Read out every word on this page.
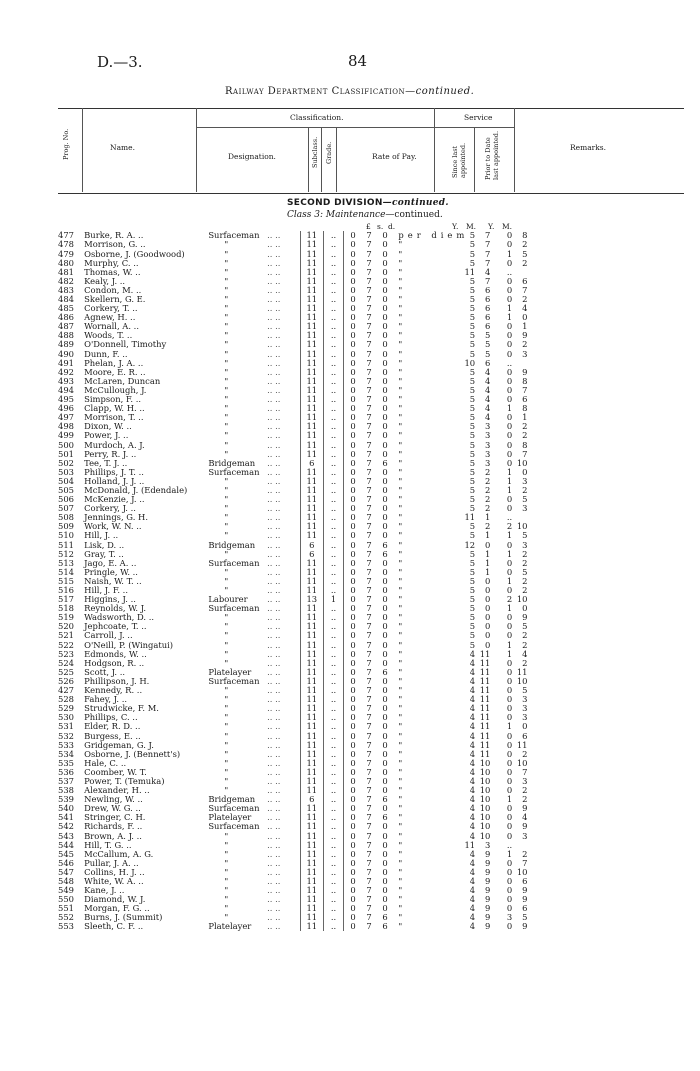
D.—3.	84
Railway Department Classification—continued.
Prog. No.	Name.
Classification.
Designation.	Subclass. Grade.	Rate of Pay.
Service
Since last appointed.	Prior to Date last appointed.	Remarks.
SECOND DIVISION—continued.
Class 3: Maintenance—continued.
£ s. d.	Y. M. Y. M.
477	Burke, R. A. ..	Surfaceman	.. ..	11	..	0 7 0 per diem	5	7	0	8
478	Morrison, G. ..	"	.. ..	11	..	0 7 0 "	5	7	0	2
479	Osborne, J. (Goodwood)	"	.. ..	11	..	0 7 0 "	5	7	1	5
480	Murphy, C. ..	"	.. ..	11	..	0 7 0 "	5	7	0	2
481	Thomas, W. ..	"	.. ..	11	..	0 7 0 "	11	4	..	
482	Kealy, J. ..	"	.. ..	11	..	0 7 0 "	5	7	0	6
483	Condon, M. ..	"	.. ..	11	..	0 7 0 "	5	6	0	7
484	Skellern, G. E.	"	.. ..	11	..	0 7 0 "	5	6	0	2
485	Corkery, T. ..	"	.. ..	11	..	0 7 0 "	5	6	1	4
486	Agnew, H. ..	"	.. ..	11	..	0 7 0 "	5	6	1	0
487	Wornall, A. ..	"	.. ..	11	..	0 7 0 "	5	6	0	1
488	Woods, T. ..	"	.. ..	11	..	0 7 0 "	5	5	0	9
489	O'Donnell, Timothy	"	.. ..	11	..	0 7 0 "	5	5	0	2
490	Dunn, F. ..	"	.. ..	11	..	0 7 0 "	5	5	0	3
491	Phelan, J. A. ..	"	.. ..	11	..	0 7 0 "	10	6	..	
492	Moore, E. R. ..	"	.. ..	11	..	0 7 0 "	5	4	0	9
493	McLaren, Duncan	"	.. ..	11	..	0 7 0 "	5	4	0	8
494	McCullough, J.	"	.. ..	11	..	0 7 0 "	5	4	0	7
495	Simpson, F. ..	"	.. ..	11	..	0 7 0 "	5	4	0	6
496	Clapp, W. H. ..	"	.. ..	11	..	0 7 0 "	5	4	1	8
497	Morrison, T. ..	"	.. ..	11	..	0 7 0 "	5	4	0	1
498	Dixon, W. ..	"	.. ..	11	..	0 7 0 "	5	3	0	2
499	Power, J. ..	"	.. ..	11	..	0 7 0 "	5	3	0	2
500	Murdoch, A. J.	"	.. ..	11	..	0 7 0 "	5	3	0	8
501	Perry, R. J. ..	"	.. ..	11	..	0 7 0 "	5	3	0	7
502	Tee, T. J. ..	Bridgeman	.. ..	6	..	0 7 6 "	5	3	0	10
503	Phillips, J. T. ..	Surfaceman	.. ..	11	..	0 7 0 "	5	2	1	0
504	Holland, J. J. ..	"	.. ..	11	..	0 7 0 "	5	2	1	3
505	McDonald, J. (Edendale)	"	.. ..	11	..	0 7 0 "	5	2	1	2
506	McKenzie, J. ..	"	.. ..	11	..	0 7 0 "	5	2	0	5
507	Corkery, J. ..	"	.. ..	11	..	0 7 0 "	5	2	0	3
508	Jennings, G. H.	"	.. ..	11	..	0 7 0 "	11	1	..	
509	Work, W. N. ..	"	.. ..	11	..	0 7 0 "	5	2	2	10
510	Hill, J. ..	"	.. ..	11	..	0 7 0 "	5	1	1	5
511	Lisk, D. ..	Bridgeman	.. ..	6	..	0 7 6 "	12	0	0	3
512	Gray, T. ..	"	.. ..	6	..	0 7 6 "	5	1	1	2
513	Jago, E. A. ..	Surfaceman	.. ..	11	..	0 7 0 "	5	1	0	2
514	Pringle, W. ..	"	.. ..	11	..	0 7 0 "	5	1	0	5
515	Naish, W. T. ..	"	.. ..	11	..	0 7 0 "	5	0	1	2
516	Hill, J. F. ..	"	.. ..	11	..	0 7 0 "	5	0	0	2
517	Higgins, J. ..	Labourer	.. ..	13	1	0 7 0 "	5	0	2	10
518	Reynolds, W. J.	Surfaceman	.. ..	11	..	0 7 0 "	5	0	1	0
519	Wadsworth, D. ..	"	.. ..	11	..	0 7 0 "	5	0	0	9
520	Jephcoate, T. ..	"	.. ..	11	..	0 7 0 "	5	0	0	5
521	Carroll, J. ..	"	.. ..	11	..	0 7 0 "	5	0	0	2
522	O'Neill, P. (Wingatui)	"	.. ..	11	..	0 7 0 "	5	0	1	2
523	Edmonds, W. ..	"	.. ..	11	..	0 7 0 "	4	11	1	4
524	Hodgson, R. ..	"	.. ..	11	..	0 7 0 "	4	11	0	2
525	Scott, J. ..	Platelayer	.. ..	11	..	0 7 6 "	4	11	0	11
526	Phillipson, J. H.	Surfaceman	.. ..	11	..	0 7 0 "	4	11	0	10
427	Kennedy, R. ..	"	.. ..	11	..	0 7 0 "	4	11	0	5
528	Fahey, J. ..	"	.. ..	11	..	0 7 0 "	4	11	0	3
529	Strudwicke, F. M.	"	.. ..	11	..	0 7 0 "	4	11	0	3
530	Phillips, C. ..	"	.. ..	11	..	0 7 0 "	4	11	0	3
531	Elder, R. D. ..	"	.. ..	11	..	0 7 0 "	4	11	1	0
532	Burgess, E. ..	"	.. ..	11	..	0 7 0 "	4	11	0	6
533	Gridgeman, G. J.	"	.. ..	11	..	0 7 0 "	4	11	0	11
534	Osborne, J. (Bennett's)	"	.. ..	11	..	0 7 0 "	4	11	0	2
535	Hale, C. ..	"	.. ..	11	..	0 7 0 "	4	10	0	10
536	Coomber, W. T.	"	.. ..	11	..	0 7 0 "	4	10	0	7
537	Power, T. (Temuka)	"	.. ..	11	..	0 7 0 "	4	10	0	3
538	Alexander, H. ..	"	.. ..	11	..	0 7 0 "	4	10	0	2
539	Newling, W. ..	Bridgeman	.. ..	6	..	0 7 6 "	4	10	1	2
540	Drew, W. G. ..	Surfaceman	.. ..	11	..	0 7 0 "	4	10	0	9
541	Stringer, C. H.	Platelayer	.. ..	11	..	0 7 6 "	4	10	0	4
542	Richards, F. ..	Surfaceman	.. ..	11	..	0 7 0 "	4	10	0	9
543	Brown, A. J. ..	"	.. ..	11	..	0 7 0 "	4	10	0	3
544	Hill, T. G. ..	"	.. ..	11	..	0 7 0 "	11	3	..	
545	McCallum, A. G.	"	.. ..	11	..	0 7 0 "	4	9	1	2
546	Pullar, J. A. ..	"	.. ..	11	..	0 7 0 "	4	9	0	7
547	Collins, H. J. ..	"	.. ..	11	..	0 7 0 "	4	9	0	10
548	White, W. A. ..	"	.. ..	11	..	0 7 0 "	4	9	0	6
549	Kane, J. ..	"	.. ..	11	..	0 7 0 "	4	9	0	9
550	Diamond, W. J.	"	.. ..	11	..	0 7 0 "	4	9	0	9
551	Morgan, F. G. ..	"	.. ..	11	..	0 7 0 "	4	9	0	6
552	Burns, J. (Summit)	"	.. ..	11	..	0 7 6 "	4	9	3	5
553	Sleeth, C. F. ..	Platelayer	.. ..	11	..	0 7 6 "	4	9	0	9
